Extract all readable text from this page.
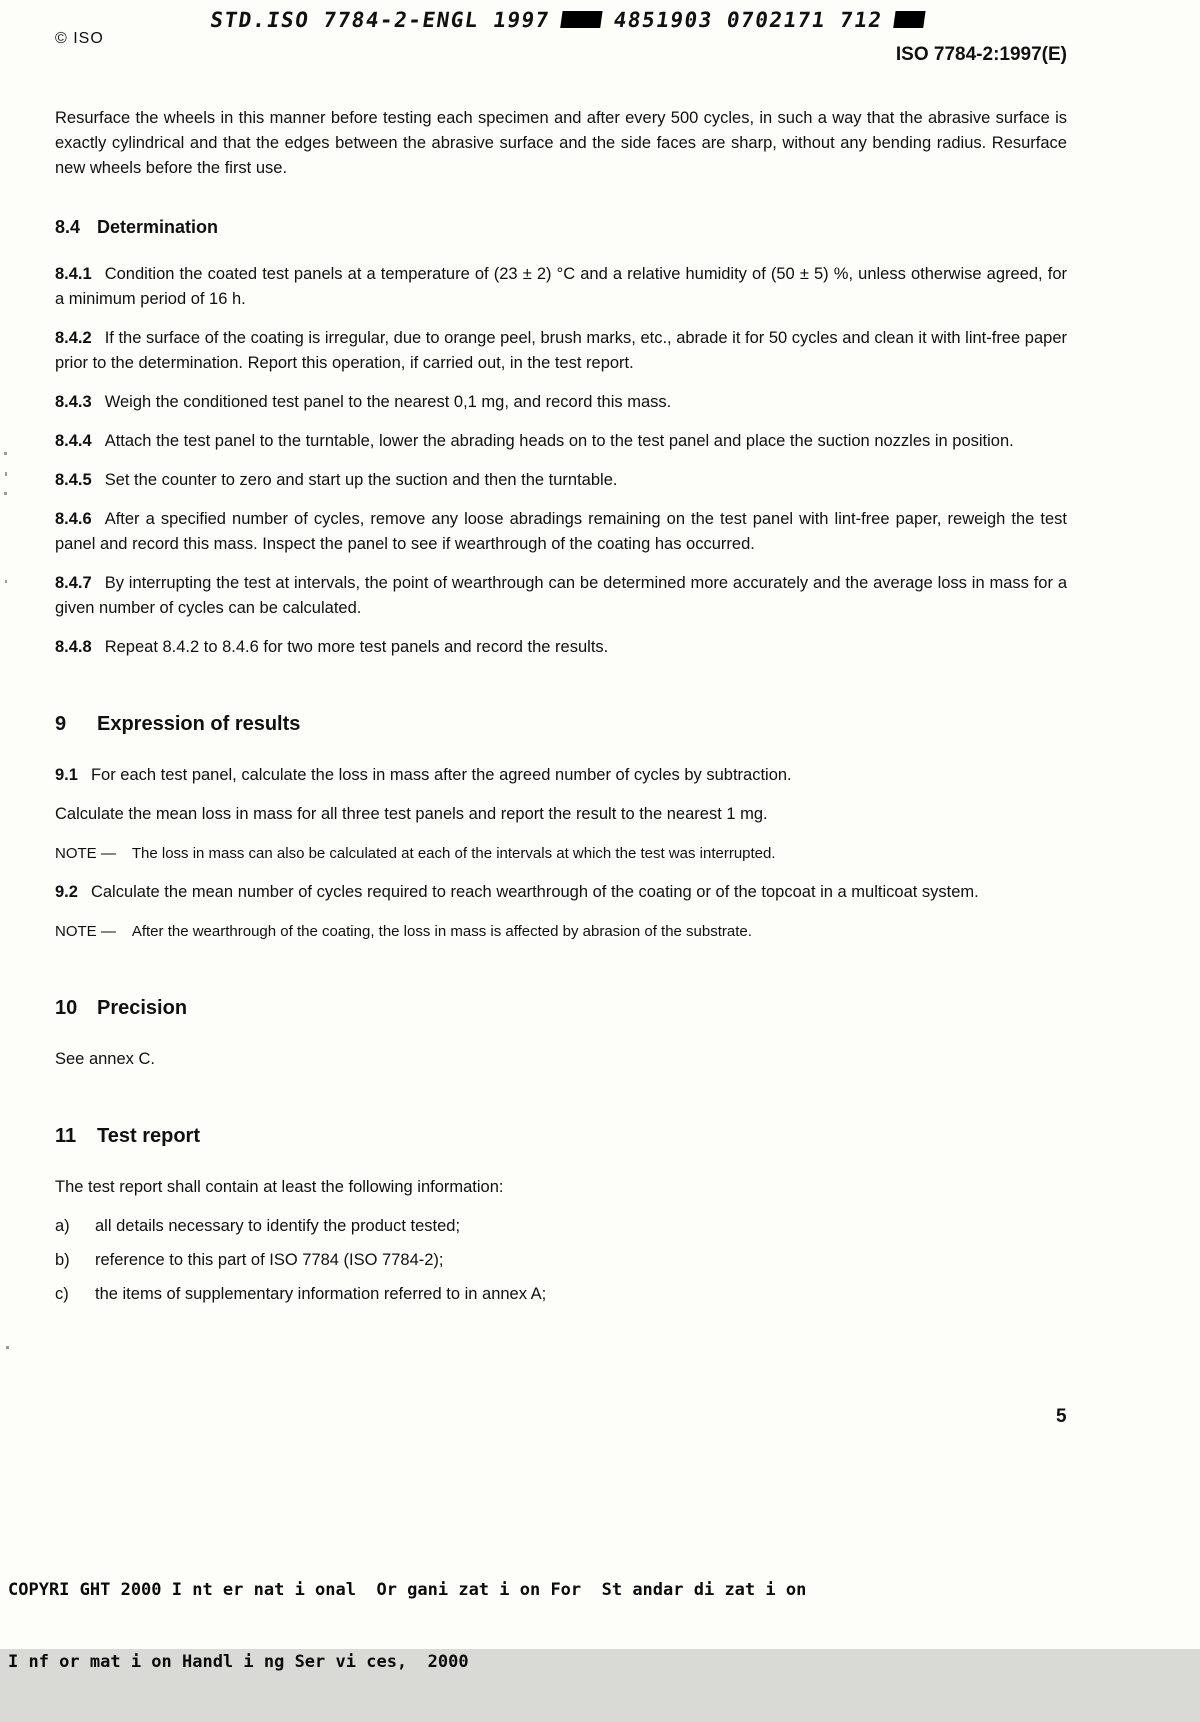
STD.ISO 7784-2-ENGL 1997	4851903 0702171 712
© ISO
ISO 7784-2:1997(E)

Resurface the wheels in this manner before testing each specimen and after every 500 cycles, in such a way that the abrasive surface is exactly cylindrical and that the edges between the abrasive surface and the side faces are sharp, without any bending radius. Resurface new wheels before the first use.

8.4 Determination

8.4.1 Condition the coated test panels at a temperature of (23 ± 2) °C and a relative humidity of (50 ± 5) %, unless otherwise agreed, for a minimum period of 16 h.

8.4.2 If the surface of the coating is irregular, due to orange peel, brush marks, etc., abrade it for 50 cycles and clean it with lint-free paper prior to the determination. Report this operation, if carried out, in the test report.

8.4.3 Weigh the conditioned test panel to the nearest 0,1 mg, and record this mass.

8.4.4 Attach the test panel to the turntable, lower the abrading heads on to the test panel and place the suction nozzles in position.

8.4.5 Set the counter to zero and start up the suction and then the turntable.

8.4.6 After a specified number of cycles, remove any loose abradings remaining on the test panel with lint-free paper, reweigh the test panel and record this mass. Inspect the panel to see if wearthrough of the coating has occurred.

8.4.7 By interrupting the test at intervals, the point of wearthrough can be determined more accurately and the average loss in mass for a given number of cycles can be calculated.

8.4.8 Repeat 8.4.2 to 8.4.6 for two more test panels and record the results.

9 Expression of results

9.1 For each test panel, calculate the loss in mass after the agreed number of cycles by subtraction.

Calculate the mean loss in mass for all three test panels and report the result to the nearest 1 mg.

NOTE — The loss in mass can also be calculated at each of the intervals at which the test was interrupted.

9.2 Calculate the mean number of cycles required to reach wearthrough of the coating or of the topcoat in a multicoat system.

NOTE — After the wearthrough of the coating, the loss in mass is affected by abrasion of the substrate.

10 Precision

See annex C.

11 Test report

The test report shall contain at least the following information:

a)	all details necessary to identify the product tested;
b)	reference to this part of ISO 7784 (ISO 7784-2);
c)	the items of supplementary information referred to in annex A;
5

COPYRI GHT 2000 I nt er nat i onal  Or gani zat i on For  St andar di zat i on

I nf or mat i on Handl i ng Ser vi ces,  2000
